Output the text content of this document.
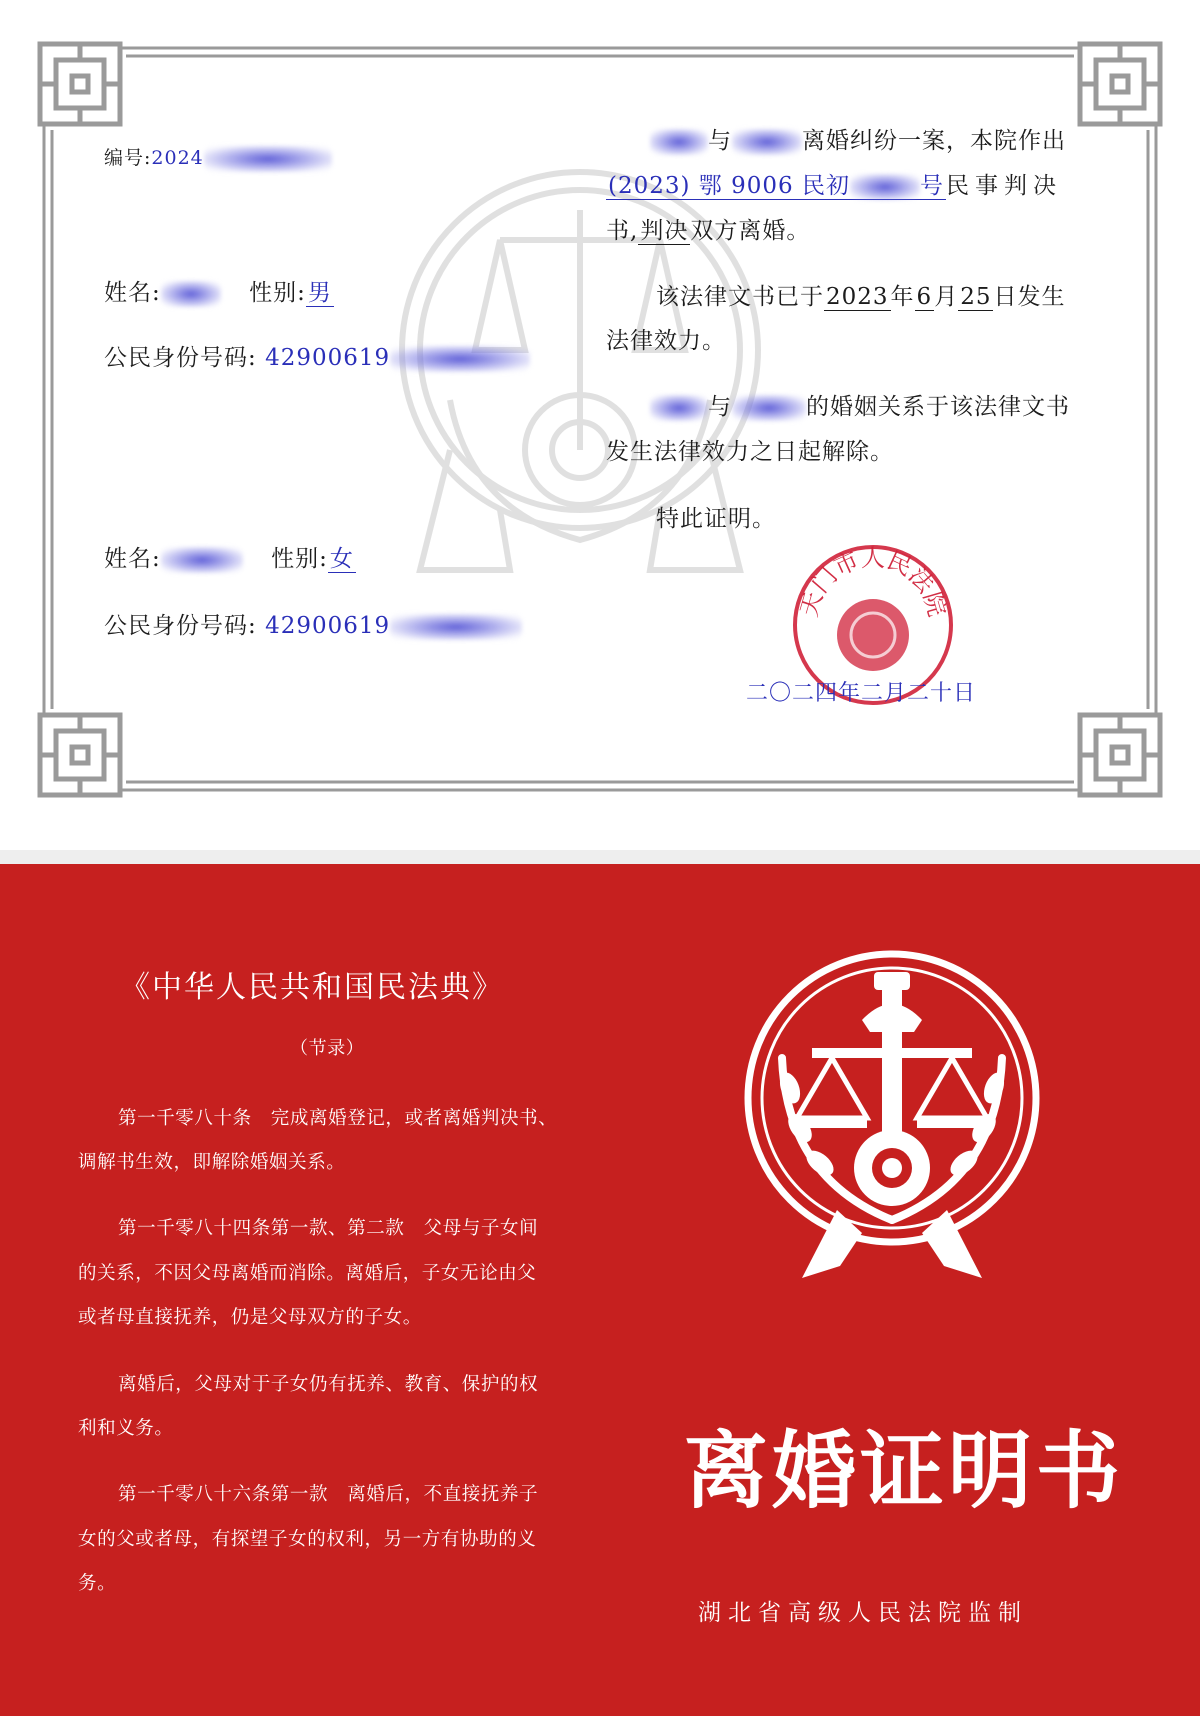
编号:2024
姓名:	性别:男
公民身份号码: 42900619
姓名:	性别:女
公民身份号码: 42900619
与	离婚纠纷一案，本院作出
(2023) 鄂 9006 民初	号民事判决
书,判决双方离婚。
该法律文书已于2023年6月25日发生
法律效力。
与	的婚姻关系于该法律文书
发生法律效力之日起解除。
特此证明。
天门市人民法院
二〇二四年二月二十日
《中华人民共和国民法典》
（节录）
第一千零八十条　完成离婚登记，或者离婚判决书、
调解书生效，即解除婚姻关系。
第一千零八十四条第一款、第二款　父母与子女间
的关系，不因父母离婚而消除。离婚后，子女无论由父
或者母直接抚养，仍是父母双方的子女。
离婚后，父母对于子女仍有抚养、教育、保护的权
利和义务。
第一千零八十六条第一款　离婚后，不直接抚养子
女的父或者母，有探望子女的权利，另一方有协助的义
务。
离婚证明书
湖北省高级人民法院监制
